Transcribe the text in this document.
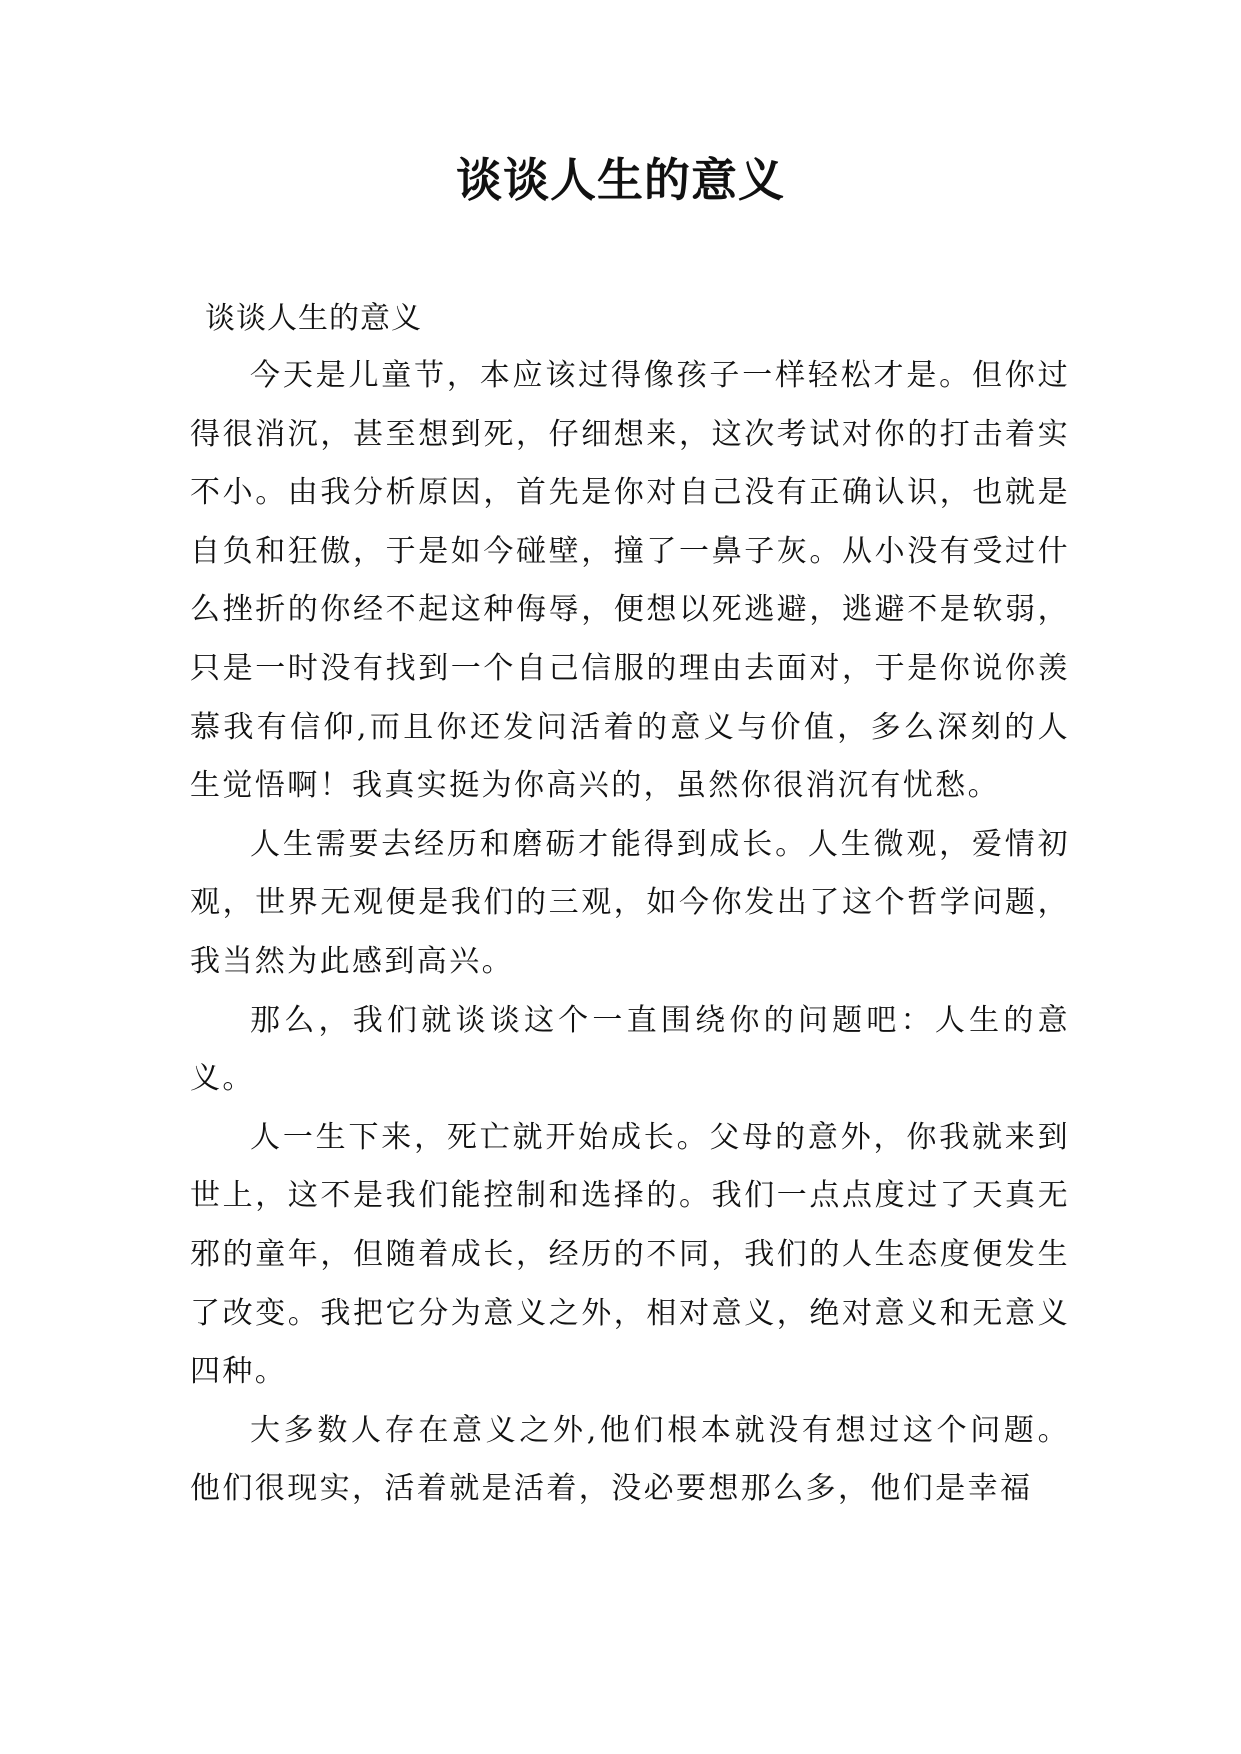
谈谈人生的意义
谈谈人生的意义

今天是儿童节，本应该过得像孩子一样轻松才是。但你过得很消沉，甚至想到死，仔细想来，这次考试对你的打击着实不小。由我分析原因，首先是你对自己没有正确认识，也就是自负和狂傲，于是如今碰壁，撞了一鼻子灰。从小没有受过什么挫折的你经不起这种侮辱，便想以死逃避，逃避不是软弱，只是一时没有找到一个自己信服的理由去面对，于是你说你羡慕我有信仰,而且你还发问活着的意义与价值，多么深刻的人生觉悟啊！我真实挺为你高兴的，虽然你很消沉有忧愁。

人生需要去经历和磨砺才能得到成长。人生微观，爱情初观，世界无观便是我们的三观，如今你发出了这个哲学问题，我当然为此感到高兴。

那么，我们就谈谈这个一直围绕你的问题吧：人生的意义。

人一生下来，死亡就开始成长。父母的意外，你我就来到世上，这不是我们能控制和选择的。我们一点点度过了天真无邪的童年，但随着成长，经历的不同，我们的人生态度便发生了改变。我把它分为意义之外，相对意义，绝对意义和无意义四种。

大多数人存在意义之外,他们根本就没有想过这个问题。他们很现实，活着就是活着，没必要想那么多，他们是幸福
